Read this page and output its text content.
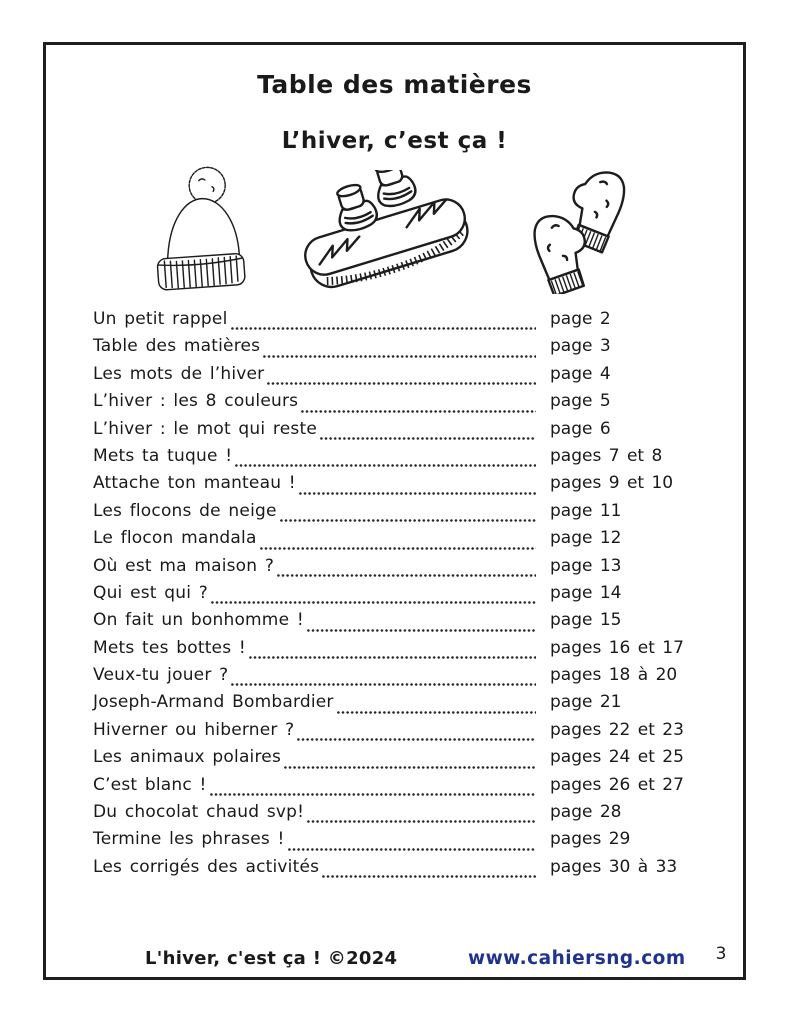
Table des matières
L’hiver, c’est ça !
Un petit rappel	page 2
Table des matières	page 3
Les mots de l’hiver	page 4
L’hiver : les 8 couleurs	page 5
L’hiver : le mot qui reste	page 6
Mets ta tuque !	pages 7 et 8
Attache ton manteau !	pages 9 et 10
Les flocons de neige	page 11
Le flocon mandala	page 12
Où est ma maison ?	page 13
Qui est qui ?	page 14
On fait un bonhomme !	page 15
Mets tes bottes !	pages 16 et 17
Veux-tu jouer ?	pages 18 à 20
Joseph-Armand Bombardier	page 21
Hiverner ou hiberner ?	pages 22 et 23
Les animaux polaires	pages 24 et 25
C’est blanc !	pages 26 et 27
Du chocolat chaud svp!	page 28
Termine les phrases !	pages 29
Les corrigés des activités	pages 30 à 33
L'hiver, c'est ça ! ©2024	www.cahiersng.com	3
